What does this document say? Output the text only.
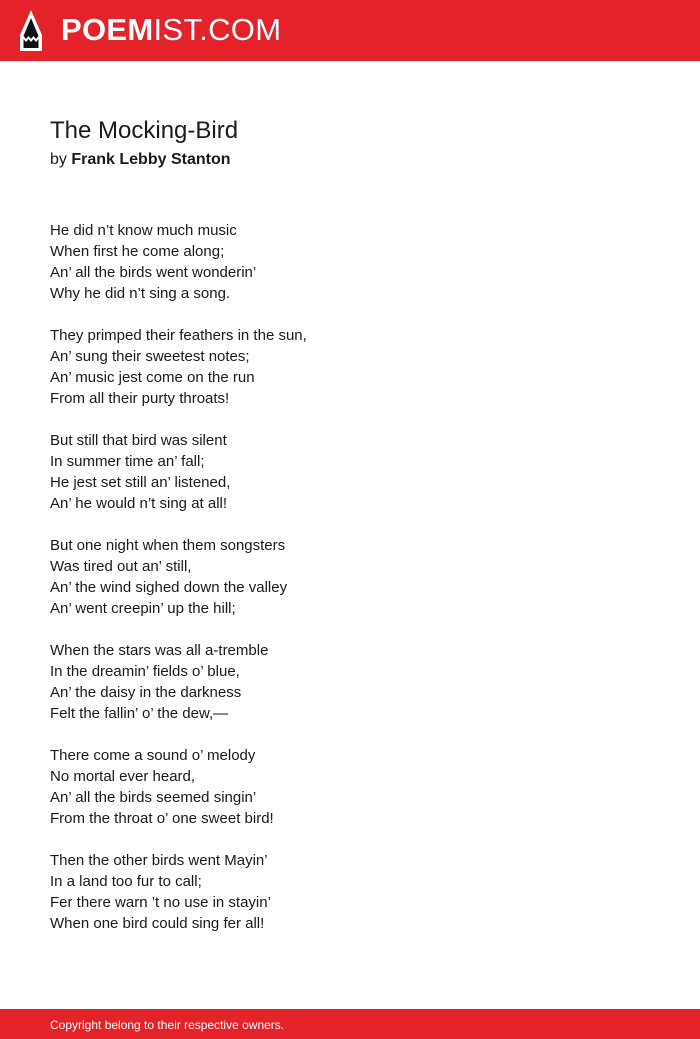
POEMIST.COM
The Mocking-Bird
by Frank Lebby Stanton
He did n’t know much music
When first he come along;
An’ all the birds went wonderin’
Why he did n’t sing a song.
They primped their feathers in the sun,
An’ sung their sweetest notes;
An’ music jest come on the run
From all their purty throats!
But still that bird was silent
In summer time an’ fall;
He jest set still an’ listened,
An’ he would n’t sing at all!
But one night when them songsters
Was tired out an’ still,
An’ the wind sighed down the valley
An’ went creepin’ up the hill;
When the stars was all a-tremble
In the dreamin’ fields o’ blue,
An’ the daisy in the darkness
Felt the fallin’ o’ the dew,—
There come a sound o’ melody
No mortal ever heard,
An’ all the birds seemed singin’
From the throat o’ one sweet bird!
Then the other birds went Mayin’
In a land too fur to call;
Fer there warn ’t no use in stayin’
When one bird could sing fer all!
Copyright belong to their respective owners.
